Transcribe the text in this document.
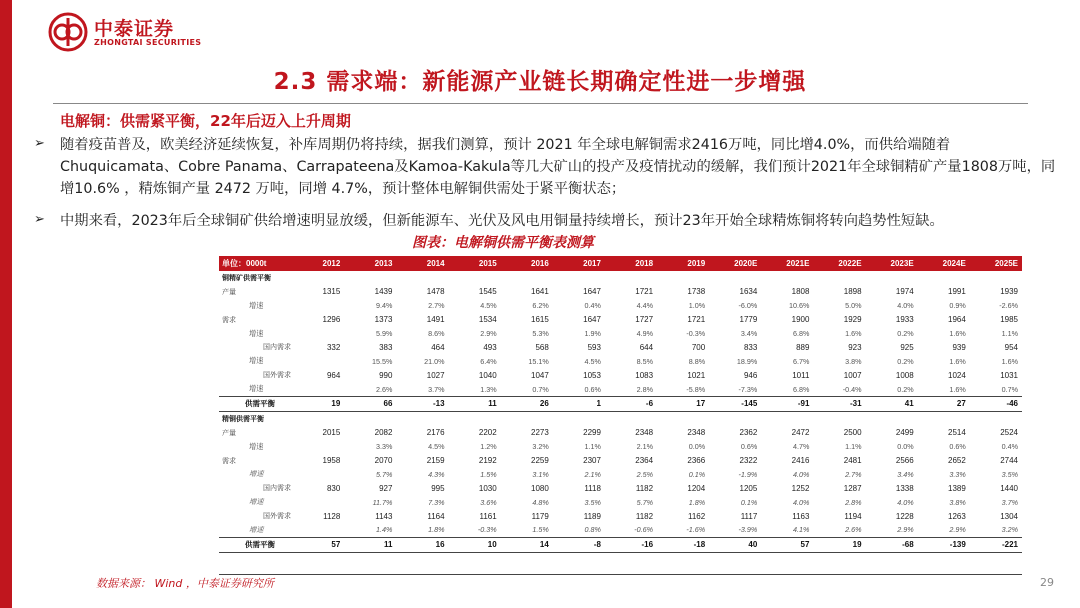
中泰证券
ZHONGTAI SECURITIES
2.3 需求端：新能源产业链长期确定性进一步增强
电解铜：供需紧平衡，22年后迈入上升周期
➢ 随着疫苗普及，欧美经济延续恢复，补库周期仍将持续，据我们测算，预计 2021 年全球电解铜需求2416万吨，同比增4.0%，而供给端随着Chuquicamata、Cobre Panama、Carrapateena及Kamoa-Kakula等几大矿山的投产及疫情扰动的缓解，我们预计2021年全球铜精矿产量1808万吨，同增10.6% ，精炼铜产量 2472 万吨，同增 4.7%，预计整体电解铜供需处于紧平衡状态；
➢ 中期来看，2023年后全球铜矿供给增速明显放缓，但新能源车、光伏及风电用铜量持续增长，预计23年开始全球精炼铜将转向趋势性短缺。
图表：电解铜供需平衡表测算
单位：0000t	2012	2013	2014	2015	2016	2017	2018	2019	2020E	2021E	2022E	2023E	2024E	2025E
铜精矿供需平衡														
产量	1315	1439	1478	1545	1641	1647	1721	1738	1634	1808	1898	1974	1991	1939
增速		9.4%	2.7%	4.5%	6.2%	0.4%	4.4%	1.0%	-6.0%	10.6%	5.0%	4.0%	0.9%	-2.6%
需求	1296	1373	1491	1534	1615	1647	1727	1721	1779	1900	1929	1933	1964	1985
增速		5.9%	8.6%	2.9%	5.3%	1.9%	4.9%	-0.3%	3.4%	6.8%	1.6%	0.2%	1.6%	1.1%
国内需求	332	383	464	493	568	593	644	700	833	889	923	925	939	954
增速		15.5%	21.0%	6.4%	15.1%	4.5%	8.5%	8.8%	18.9%	6.7%	3.8%	0.2%	1.6%	1.6%
国外需求	964	990	1027	1040	1047	1053	1083	1021	946	1011	1007	1008	1024	1031
增速		2.6%	3.7%	1.3%	0.7%	0.6%	2.8%	-5.8%	-7.3%	6.8%	-0.4%	0.2%	1.6%	0.7%
供需平衡	19	66	-13	11	26	1	-6	17	-145	-91	-31	41	27	-46
精铜供需平衡														
产量	2015	2082	2176	2202	2273	2299	2348	2348	2362	2472	2500	2499	2514	2524
增速		3.3%	4.5%	1.2%	3.2%	1.1%	2.1%	0.0%	0.6%	4.7%	1.1%	0.0%	0.6%	0.4%
需求	1958	2070	2159	2192	2259	2307	2364	2366	2322	2416	2481	2566	2652	2744
增速		5.7%	4.3%	1.5%	3.1%	2.1%	2.5%	0.1%	-1.9%	4.0%	2.7%	3.4%	3.3%	3.5%
国内需求	830	927	995	1030	1080	1118	1182	1204	1205	1252	1287	1338	1389	1440
增速		11.7%	7.3%	3.6%	4.8%	3.5%	5.7%	1.8%	0.1%	4.0%	2.8%	4.0%	3.8%	3.7%
国外需求	1128	1143	1164	1161	1179	1189	1182	1162	1117	1163	1194	1228	1263	1304
增速		1.4%	1.8%	-0.3%	1.5%	0.8%	-0.6%	-1.6%	-3.9%	4.1%	2.6%	2.9%	2.9%	3.2%
供需平衡	57	11	16	10	14	-8	-16	-18	40	57	19	-68	-139	-221
数据来源： Wind ，中泰证券研究所	29
